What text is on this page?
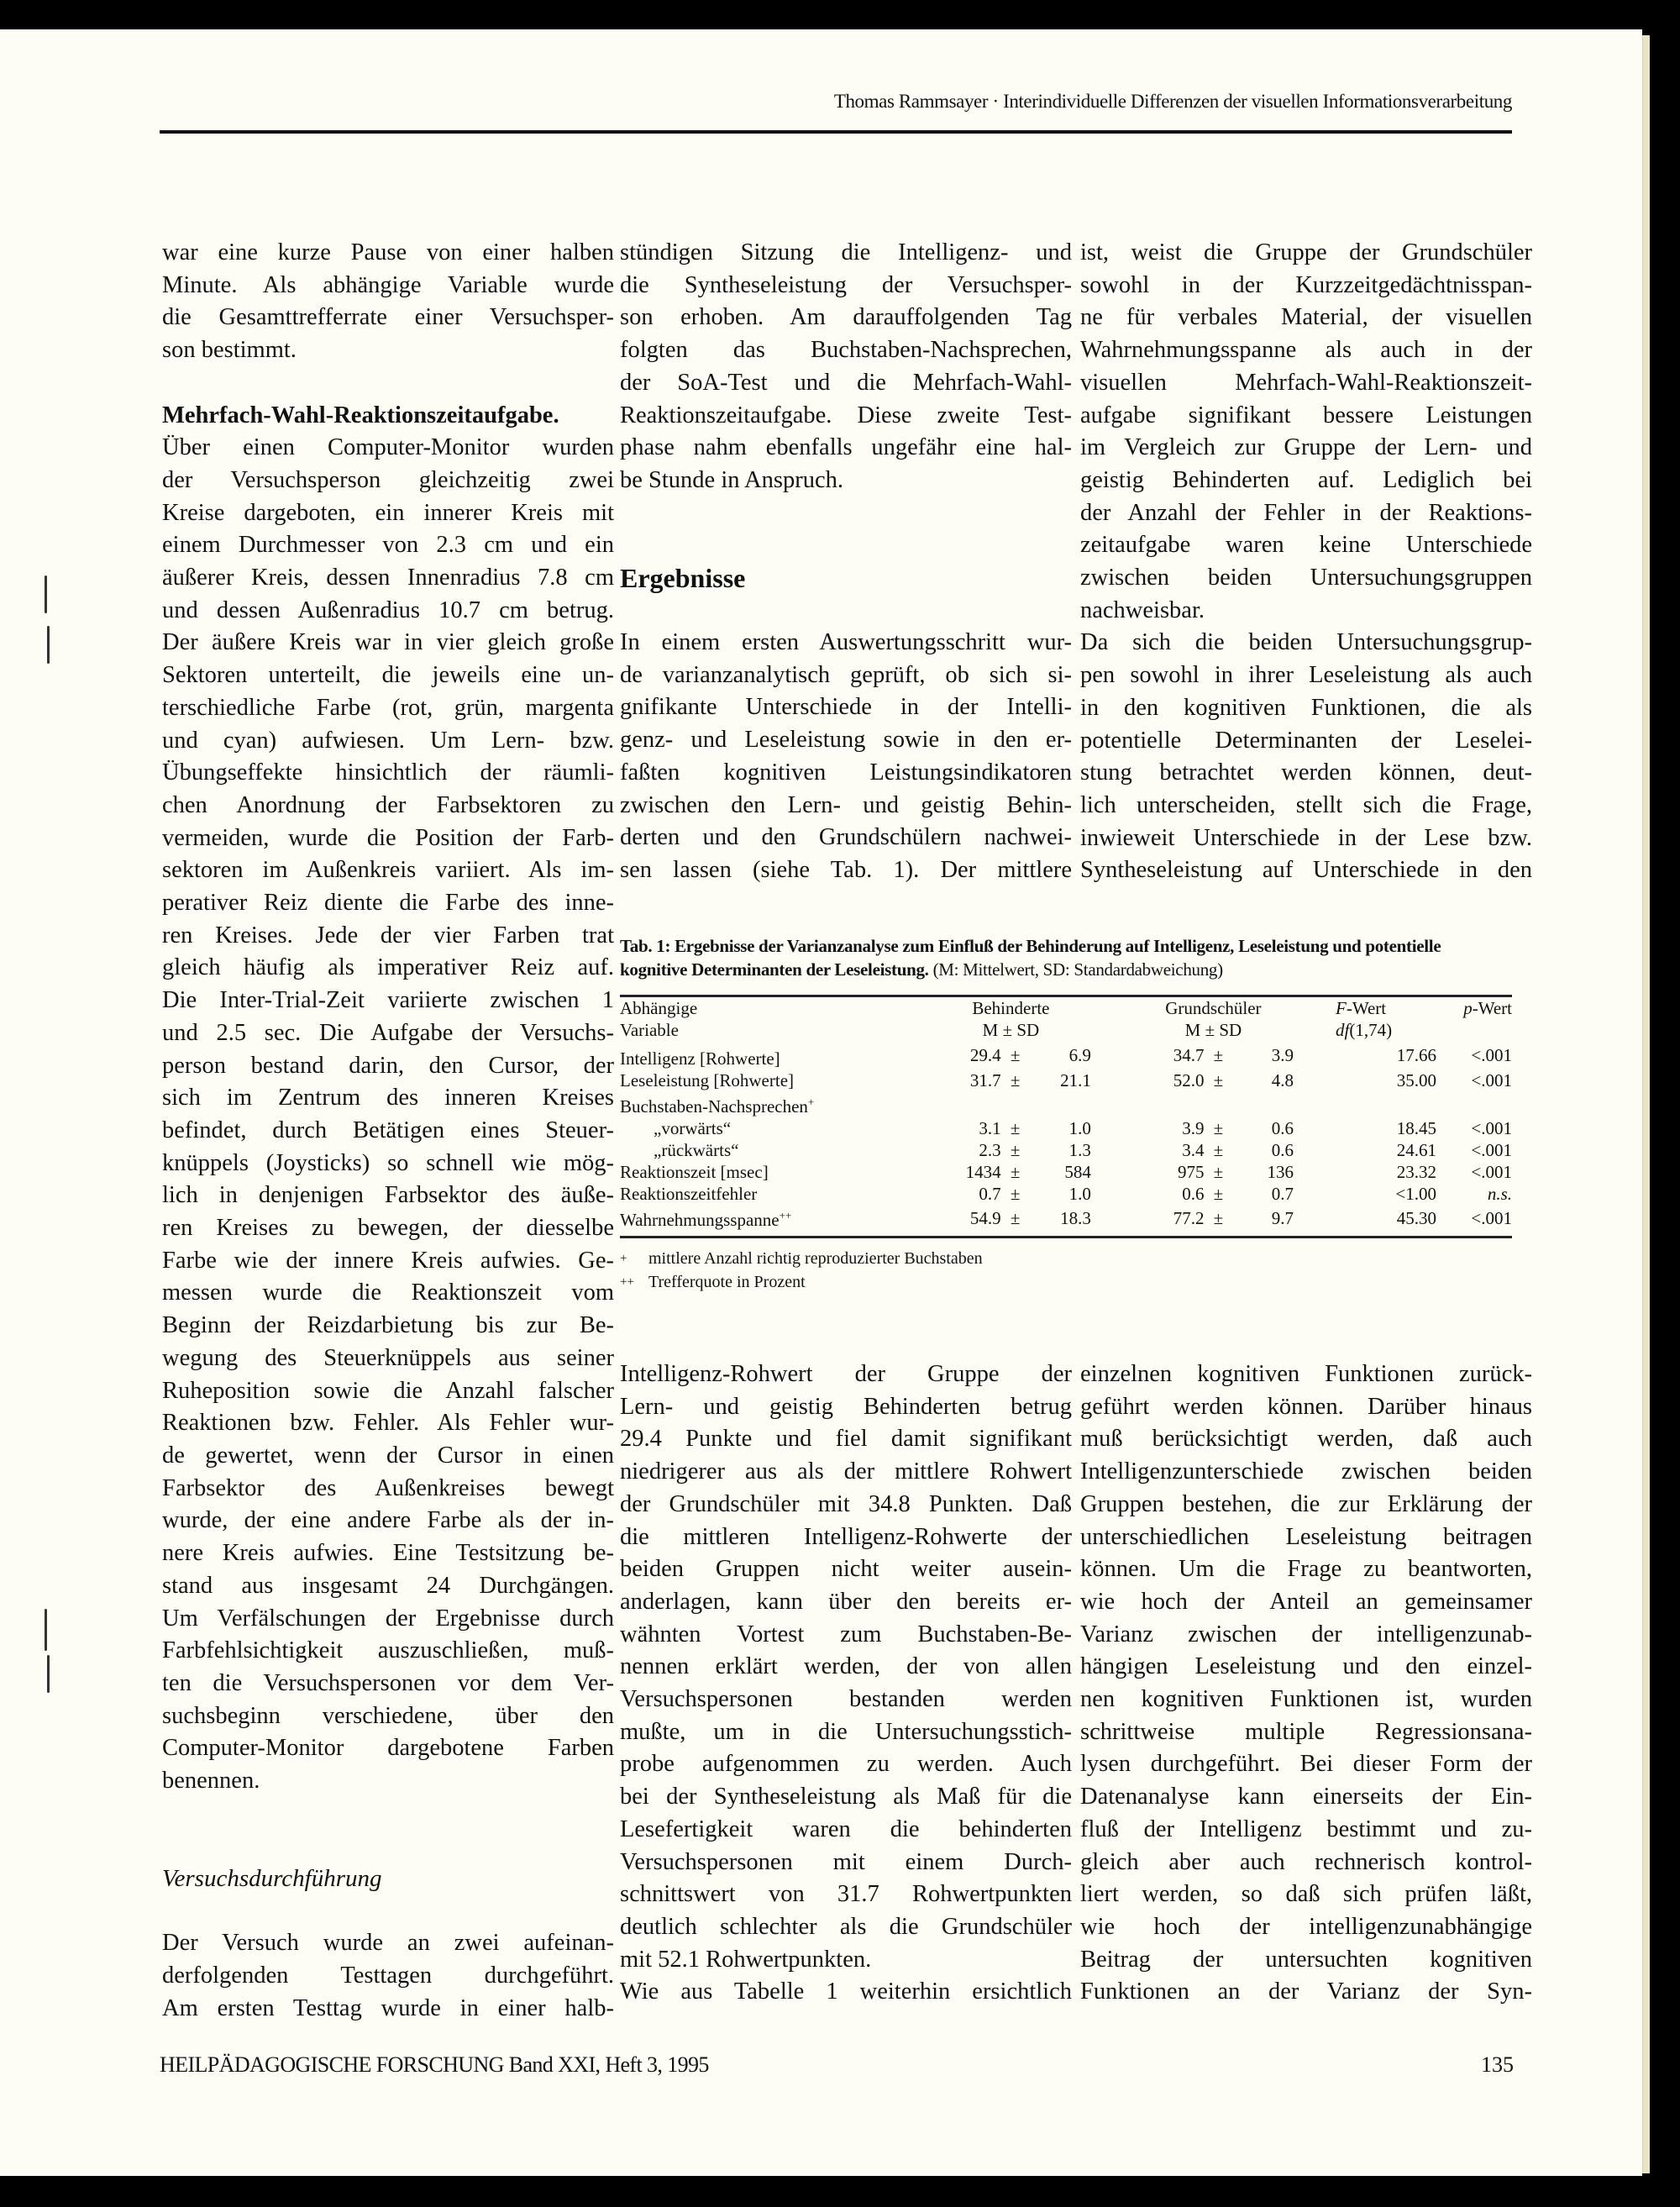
Thomas Rammsayer · Interindividuelle Differenzen der visuellen Informationsverarbeitung

war eine kurze Pause von einer halben
Minute. Als abhängige Variable wurde
die Gesamttrefferrate einer Versuchsper-
son bestimmt.

Mehrfach-Wahl-Reaktionszeitaufgabe.

Über einen Computer-Monitor wurden
der Versuchsperson gleichzeitig zwei
Kreise dargeboten, ein innerer Kreis mit
einem Durchmesser von 2.3 cm und ein
äußerer Kreis, dessen Innenradius 7.8 cm
und dessen Außenradius 10.7 cm betrug.
Der äußere Kreis war in vier gleich große
Sektoren unterteilt, die jeweils eine un-
terschiedliche Farbe (rot, grün, margenta
und cyan) aufwiesen. Um Lern- bzw.
Übungseffekte hinsichtlich der räumli-
chen Anordnung der Farbsektoren zu
vermeiden, wurde die Position der Farb-
sektoren im Außenkreis variiert. Als im-
perativer Reiz diente die Farbe des inne-
ren Kreises. Jede der vier Farben trat
gleich häufig als imperativer Reiz auf.
Die Inter-Trial-Zeit variierte zwischen 1
und 2.5 sec. Die Aufgabe der Versuchs-
person bestand darin, den Cursor, der
sich im Zentrum des inneren Kreises
befindet, durch Betätigen eines Steuer-
knüppels (Joysticks) so schnell wie mög-
lich in denjenigen Farbsektor des äuße-
ren Kreises zu bewegen, der diesselbe
Farbe wie der innere Kreis aufwies. Ge-
messen wurde die Reaktionszeit vom
Beginn der Reizdarbietung bis zur Be-
wegung des Steuerknüppels aus seiner
Ruheposition sowie die Anzahl falscher
Reaktionen bzw. Fehler. Als Fehler wur-
de gewertet, wenn der Cursor in einen
Farbsektor des Außenkreises bewegt
wurde, der eine andere Farbe als der in-
nere Kreis aufwies. Eine Testsitzung be-
stand aus insgesamt 24 Durchgängen.
Um Verfälschungen der Ergebnisse durch
Farbfehlsichtigkeit auszuschließen, muß-
ten die Versuchspersonen vor dem Ver-
suchsbeginn verschiedene, über den
Computer-Monitor dargebotene Farben
benennen.

Versuchsdurchführung

Der Versuch wurde an zwei aufeinan-
derfolgenden Testtagen durchgeführt.
Am ersten Testtag wurde in einer halb-

stündigen Sitzung die Intelligenz- und
die Syntheseleistung der Versuchsper-
son erhoben. Am darauffolgenden Tag
folgten das Buchstaben-Nachsprechen,
der SoA-Test und die Mehrfach-Wahl-
Reaktionszeitaufgabe. Diese zweite Test-
phase nahm ebenfalls ungefähr eine hal-
be Stunde in Anspruch.

Ergebnisse

In einem ersten Auswertungsschritt wur-
de varianzanalytisch geprüft, ob sich si-
gnifikante Unterschiede in der Intelli-
genz- und Leseleistung sowie in den er-
faßten kognitiven Leistungsindikatoren
zwischen den Lern- und geistig Behin-
derten und den Grundschülern nachwei-
sen lassen (siehe Tab. 1). Der mittlere

ist, weist die Gruppe der Grundschüler
sowohl in der Kurzzeitgedächtnisspan-
ne für verbales Material, der visuellen
Wahrnehmungsspanne als auch in der
visuellen Mehrfach-Wahl-Reaktionszeit-
aufgabe signifikant bessere Leistungen
im Vergleich zur Gruppe der Lern- und
geistig Behinderten auf. Lediglich bei
der Anzahl der Fehler in der Reaktions-
zeitaufgabe waren keine Unterschiede
zwischen beiden Untersuchungsgruppen
nachweisbar.

Da sich die beiden Untersuchungsgrup-
pen sowohl in ihrer Leseleistung als auch
in den kognitiven Funktionen, die als
potentielle Determinanten der Leselei-
stung betrachtet werden können, deut-
lich unterscheiden, stellt sich die Frage,
inwieweit Unterschiede in der Lese bzw.
Syntheseleistung auf Unterschiede in den

Tab. 1: Ergebnisse der Varianzanalyse zum Einfluß der Behinderung auf Intelligenz, Leseleistung und potentielle kognitive Determinanten der Leseleistung. (M: Mittelwert, SD: Standardabweichung)
Abhängige
Variable	Behinderte
M ± SD				Grundschüler
M ± SD			F-Wert
df(1,74)	p-Wert
Intelligenz [Rohwerte]	29.4	±	6.9		34.7	±	3.9	17.66	<.001
Leseleistung [Rohwerte]	31.7	±	21.1		52.0	±	4.8	35.00	<.001
Buchstaben-Nachsprechen+									
„vorwärts“	3.1	±	1.0		3.9	±	0.6	18.45	<.001
„rückwärts“	2.3	±	1.3		3.4	±	0.6	24.61	<.001
Reaktionszeit [msec]	1434	±	584		975	±	136	23.32	<.001
Reaktionszeitfehler	0.7	±	1.0		0.6	±	0.7	<1.00	n.s.
Wahrnehmungsspanne++	54.9	±	18.3		77.2	±	9.7	45.30	<.001
+ mittlere Anzahl richtig reproduzierter Buchstaben
++ Trefferquote in Prozent

Intelligenz-Rohwert der Gruppe der
Lern- und geistig Behinderten betrug
29.4 Punkte und fiel damit signifikant
niedrigerer aus als der mittlere Rohwert
der Grundschüler mit 34.8 Punkten. Daß
die mittleren Intelligenz-Rohwerte der
beiden Gruppen nicht weiter ausein-
anderlagen, kann über den bereits er-
wähnten Vortest zum Buchstaben-Be-
nennen erklärt werden, der von allen
Versuchspersonen bestanden werden
mußte, um in die Untersuchungsstich-
probe aufgenommen zu werden. Auch
bei der Syntheseleistung als Maß für die
Lesefertigkeit waren die behinderten
Versuchspersonen mit einem Durch-
schnittswert von 31.7 Rohwertpunkten
deutlich schlechter als die Grundschüler
mit 52.1 Rohwertpunkten.

Wie aus Tabelle 1 weiterhin ersichtlich

einzelnen kognitiven Funktionen zurück-
geführt werden können. Darüber hinaus
muß berücksichtigt werden, daß auch
Intelligenzunterschiede zwischen beiden
Gruppen bestehen, die zur Erklärung der
unterschiedlichen Leseleistung beitragen
können. Um die Frage zu beantworten,
wie hoch der Anteil an gemeinsamer
Varianz zwischen der intelligenzunab-
hängigen Leseleistung und den einzel-
nen kognitiven Funktionen ist, wurden
schrittweise multiple Regressionsana-
lysen durchgeführt. Bei dieser Form der
Datenanalyse kann einerseits der Ein-
fluß der Intelligenz bestimmt und zu-
gleich aber auch rechnerisch kontrol-
liert werden, so daß sich prüfen läßt,
wie hoch der intelligenzunabhängige
Beitrag der untersuchten kognitiven
Funktionen an der Varianz der Syn-

HEILPÄDAGOGISCHE FORSCHUNG Band XXI, Heft 3, 1995	135
